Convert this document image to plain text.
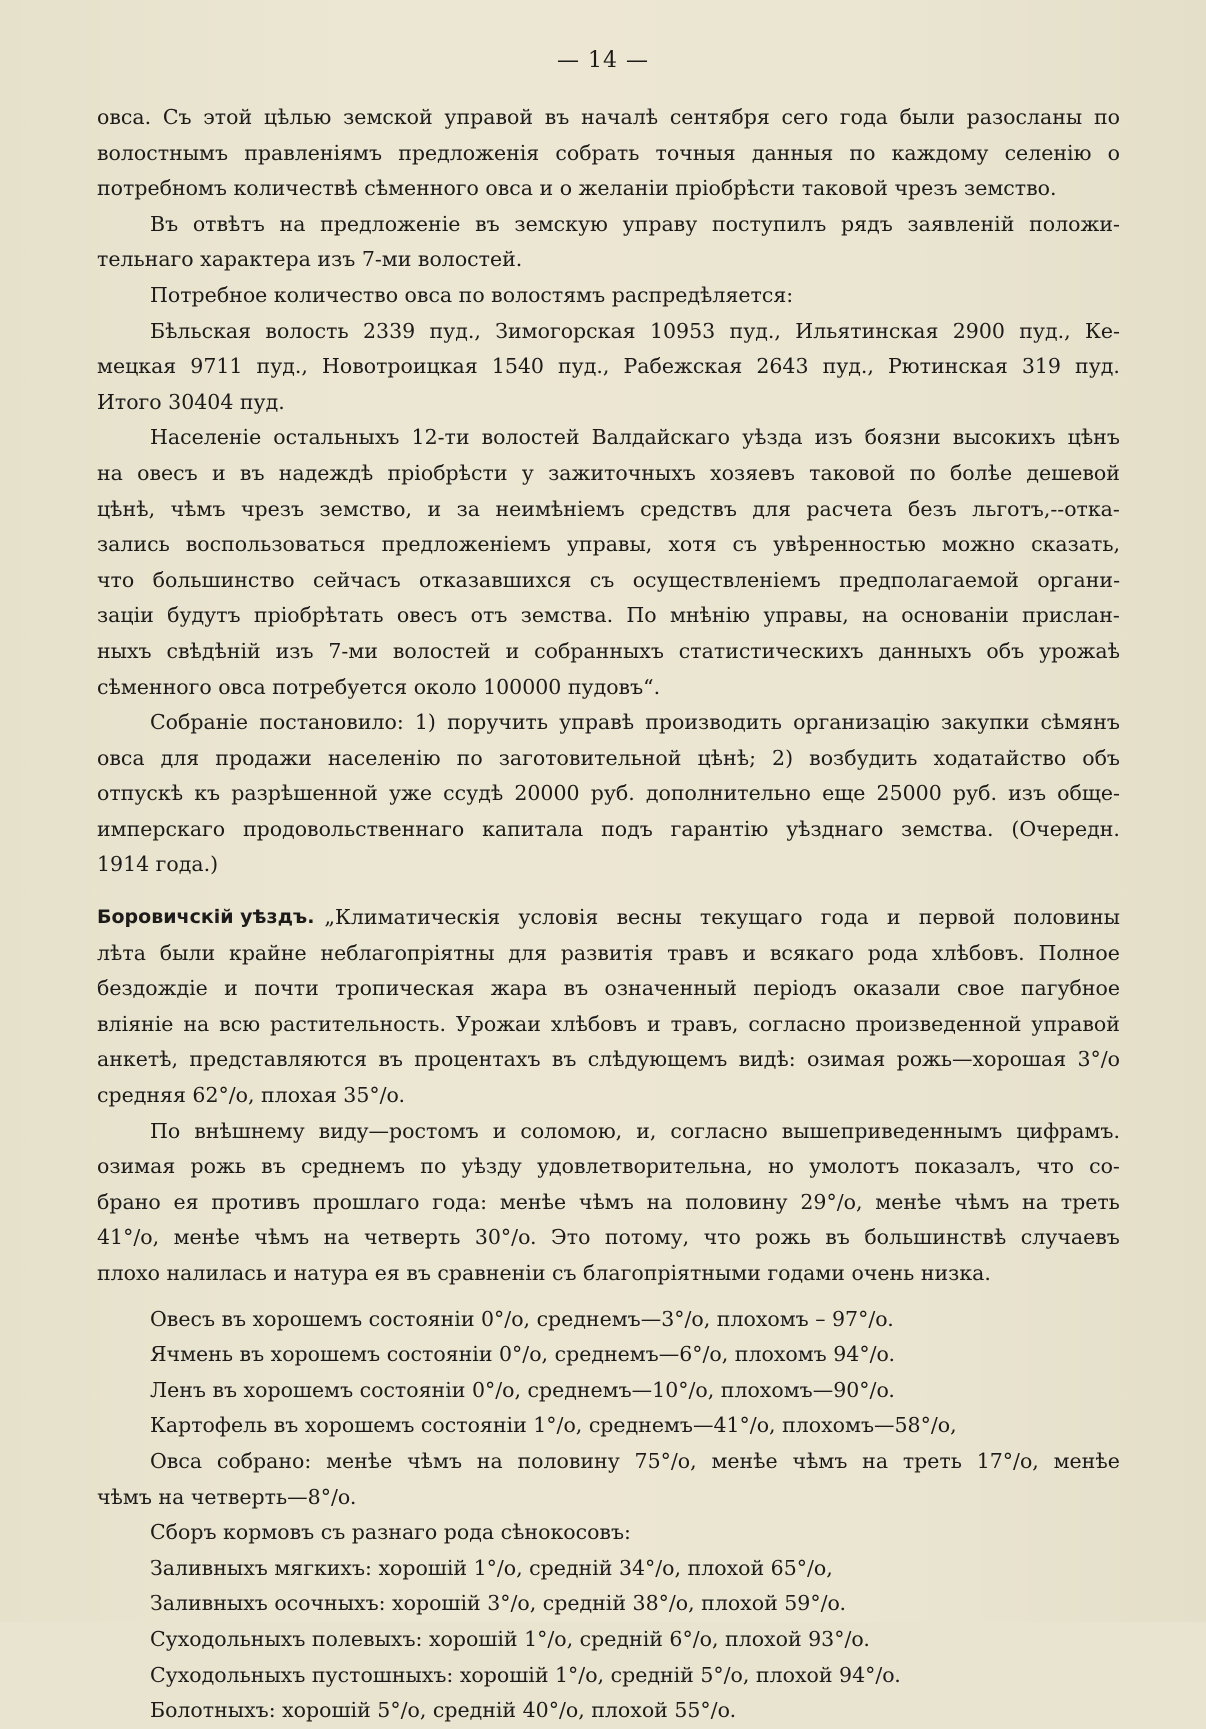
— 14 —
овса. Съ этой цѣлью земской управой въ началѣ сентября сего года были разосланы по
волостнымъ правленіямъ предложенія собрать точныя данныя по каждому селенію о
потребномъ количествѣ сѣменного овса и о желаніи пріобрѣсти таковой чрезъ земство.
Въ отвѣтъ на предложеніе въ земскую управу поступилъ рядъ заявленій положи-
тельнаго характера изъ 7-ми волостей.
Потребное количество овса по волостямъ распредѣляется:
Бѣльская волость 2339 пуд., Зимогорская 10953 пуд., Ильятинская 2900 пуд., Ке-
мецкая 9711 пуд., Новотроицкая 1540 пуд., Рабежская 2643 пуд., Рютинская 319 пуд.
Итого 30404 пуд.
Населеніе остальныхъ 12-ти волостей Валдайскаго уѣзда изъ боязни высокихъ цѣнъ
на овесъ и въ надеждѣ пріобрѣсти у зажиточныхъ хозяевъ таковой по болѣе дешевой
цѣнѣ, чѣмъ чрезъ земство, и за неимѣніемъ средствъ для расчета безъ льготъ,--отка-
зались воспользоваться предложеніемъ управы, хотя съ увѣренностью можно сказать,
что большинство сейчасъ отказавшихся съ осуществленіемъ предполагаемой органи-
заціи будутъ пріобрѣтать овесъ отъ земства. По мнѣнію управы, на основаніи прислан-
ныхъ свѣдѣній изъ 7-ми волостей и собранныхъ статистическихъ данныхъ объ урожаѣ
сѣменного овса потребуется около 100000 пудовъ“.
Собраніе постановило: 1) поручить управѣ производить организацію закупки сѣмянъ
овса для продажи населенію по заготовительной цѣнѣ; 2) возбудить ходатайство объ
отпускѣ къ разрѣшенной уже ссудѣ 20000 руб. дополнительно еще 25000 руб. изъ обще-
имперскаго продовольственнаго капитала подъ гарантію уѣзднаго земства. (Очередн.
1914 года.)
Боровичскій уѣздъ. „Климатическія условія весны текущаго года и первой половины
лѣта были крайне неблагопріятны для развитія травъ и всякаго рода хлѣбовъ. Полное
бездождіе и почти тропическая жара въ означенный періодъ оказали свое пагубное
вліяніе на всю растительность. Урожаи хлѣбовъ и травъ, согласно произведенной управой
анкетѣ, представляются въ процентахъ въ слѣдующемъ видѣ: озимая рожь—хорошая 3°/o
средняя 62°/o, плохая 35°/o.
По внѣшнему виду—ростомъ и соломою, и, согласно вышеприведеннымъ цифрамъ.
озимая рожь въ среднемъ по уѣзду удовлетворительна, но умолотъ показалъ, что со-
брано ея противъ прошлаго года: менѣе чѣмъ на половину 29°/o, менѣе чѣмъ на треть
41°/o, менѣе чѣмъ на четверть 30°/o. Это потому, что рожь въ большинствѣ случаевъ
плохо налилась и натура ея въ сравненіи съ благопріятными годами очень низка.
Овесъ въ хорошемъ состояніи 0°/o, среднемъ—3°/o, плохомъ – 97°/o.
Ячмень въ хорошемъ состояніи 0°/o, среднемъ—6°/o, плохомъ 94°/o.
Ленъ въ хорошемъ состояніи 0°/o, среднемъ—10°/o, плохомъ—90°/o.
Картофель въ хорошемъ состояніи 1°/o, среднемъ—41°/o, плохомъ—58°/o,
Овса собрано: менѣе чѣмъ на половину 75°/o, менѣе чѣмъ на треть 17°/o, менѣе
чѣмъ на четверть—8°/o.
Сборъ кормовъ съ разнаго рода сѣнокосовъ:
Заливныхъ мягкихъ: хорошій 1°/o, средній 34°/o, плохой 65°/o,
Заливныхъ осочныхъ: хорошій 3°/o, средній 38°/o, плохой 59°/o.
Суходольныхъ полевыхъ: хорошій 1°/o, средній 6°/o, плохой 93°/o.
Суходольныхъ пустошныхъ: хорошій 1°/o, средній 5°/o, плохой 94°/o.
Болотныхъ: хорошій 5°/o, средній 40°/o, плохой 55°/o.
